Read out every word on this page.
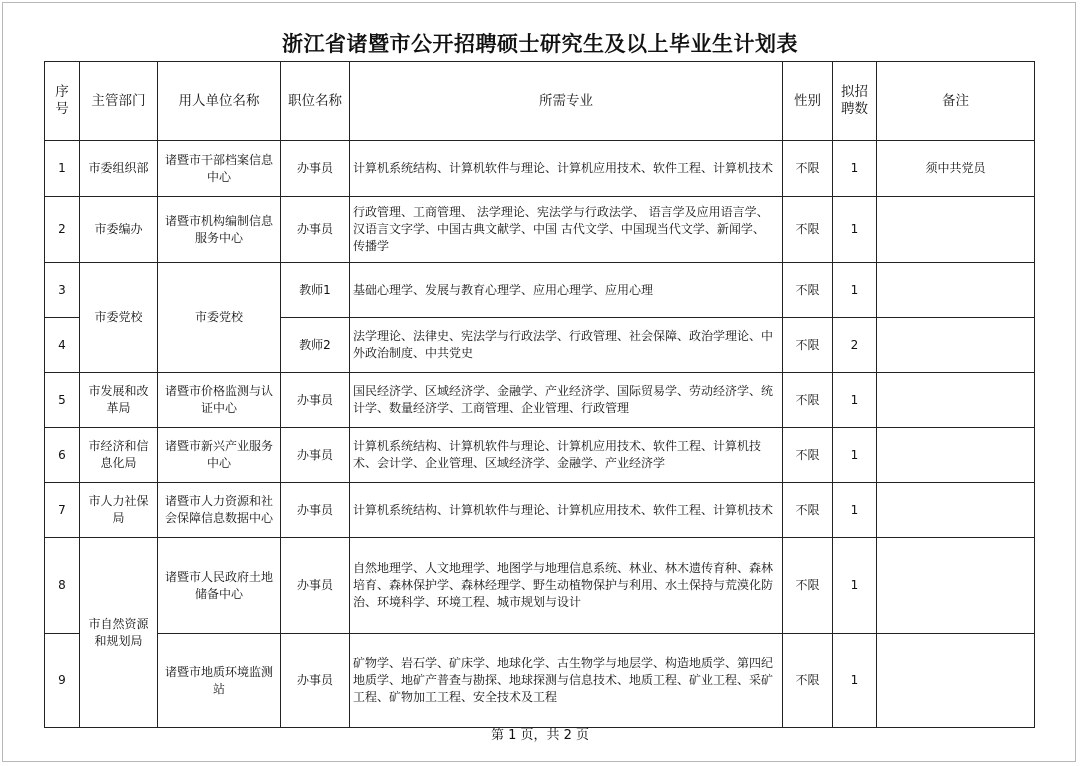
浙江省诸暨市公开招聘硕士研究生及以上毕业生计划表
序号	主管部门	用人单位名称	职位名称	所需专业	性别	拟招聘数	备注
1	市委组织部	诸暨市干部档案信息中心	办事员	计算机系统结构、计算机软件与理论、计算机应用技术、软件工程、计算机技术	不限	1	须中共党员
2	市委编办	诸暨市机构编制信息服务中心	办事员	行政管理、工商管理、 法学理论、宪法学与行政法学、 语言学及应用语言学、汉语言文字学、中国古典文献学、中国 古代文学、中国现当代文学、新闻学、传播学	不限	1	
3	市委党校	市委党校	教师1	基础心理学、发展与教育心理学、应用心理学、应用心理	不限	1	
4			教师2	法学理论、法律史、宪法学与行政法学、行政管理、社会保障、政治学理论、中外政治制度、中共党史	不限	2	
5	市发展和改革局	诸暨市价格监测与认证中心	办事员	国民经济学、区域经济学、金融学、产业经济学、国际贸易学、劳动经济学、统计学、数量经济学、工商管理、企业管理、行政管理	不限	1	
6	市经济和信息化局	诸暨市新兴产业服务中心	办事员	计算机系统结构、计算机软件与理论、计算机应用技术、软件工程、计算机技术、会计学、企业管理、区域经济学、金融学、产业经济学	不限	1	
7	市人力社保局	诸暨市人力资源和社会保障信息数据中心	办事员	计算机系统结构、计算机软件与理论、计算机应用技术、软件工程、计算机技术	不限	1	
8	市自然资源和规划局	诸暨市人民政府土地储备中心	办事员	自然地理学、人文地理学、地图学与地理信息系统、林业、林木遗传育种、森林培育、森林保护学、森林经理学、野生动植物保护与利用、水土保持与荒漠化防治、环境科学、环境工程、城市规划与设计	不限	1	
9		诸暨市地质环境监测站	办事员	矿物学、岩石学、矿床学、地球化学、古生物学与地层学、构造地质学、第四纪地质学、地矿产普查与勘探、地球探测与信息技术、地质工程、矿业工程、采矿工程、矿物加工工程、安全技术及工程	不限	1	
第 1 页，共 2 页
